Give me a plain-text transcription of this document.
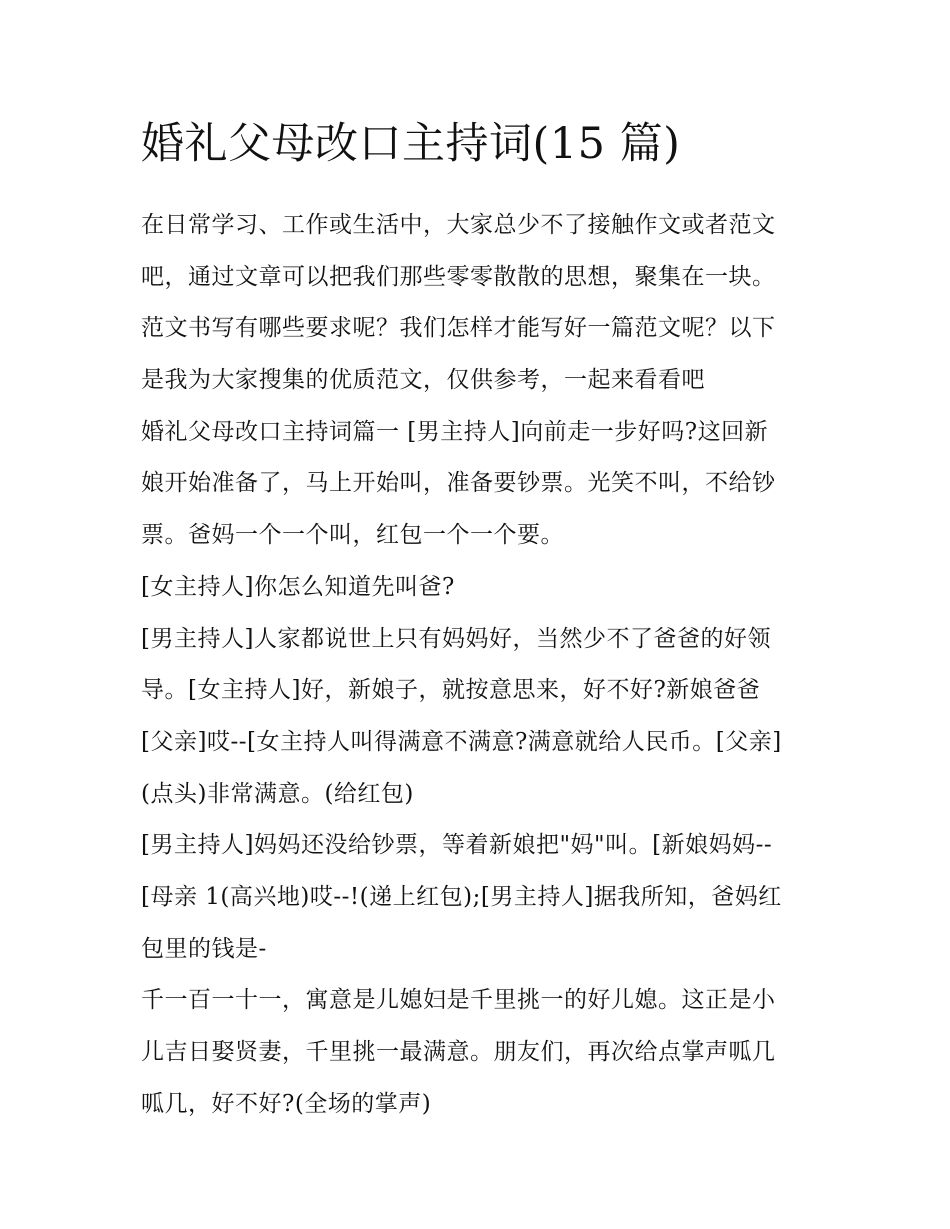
婚礼父母改口主持词(15 篇)
在日常学习、工作或生活中，大家总少不了接触作文或者范文
吧，通过文章可以把我们那些零零散散的思想，聚集在一块。
范文书写有哪些要求呢？我们怎样才能写好一篇范文呢？以下
是我为大家搜集的优质范文，仅供参考，一起来看看吧
婚礼父母改口主持词篇一 [男主持人]向前走一步好吗?这回新
娘开始准备了，马上开始叫，准备要钞票。光笑不叫，不给钞
票。爸妈一个一个叫，红包一个一个要。
[女主持人]你怎么知道先叫爸?
[男主持人]人家都说世上只有妈妈好，当然少不了爸爸的好领
导。[女主持人]好，新娘子，就按意思来，好不好?新娘爸爸
[父亲]哎--[女主持人叫得满意不满意?满意就给人民币。[父亲]
(点头)非常满意。(给红包)
[男主持人]妈妈还没给钞票，等着新娘把"妈"叫。[新娘妈妈--
[母亲 1(高兴地)哎--!(递上红包);[男主持人]据我所知，爸妈红
包里的钱是-
千一百一十一，寓意是儿媳妇是千里挑一的好儿媳。这正是小
儿吉日娶贤妻，千里挑一最满意。朋友们，再次给点掌声呱几
呱几，好不好?(全场的掌声)
